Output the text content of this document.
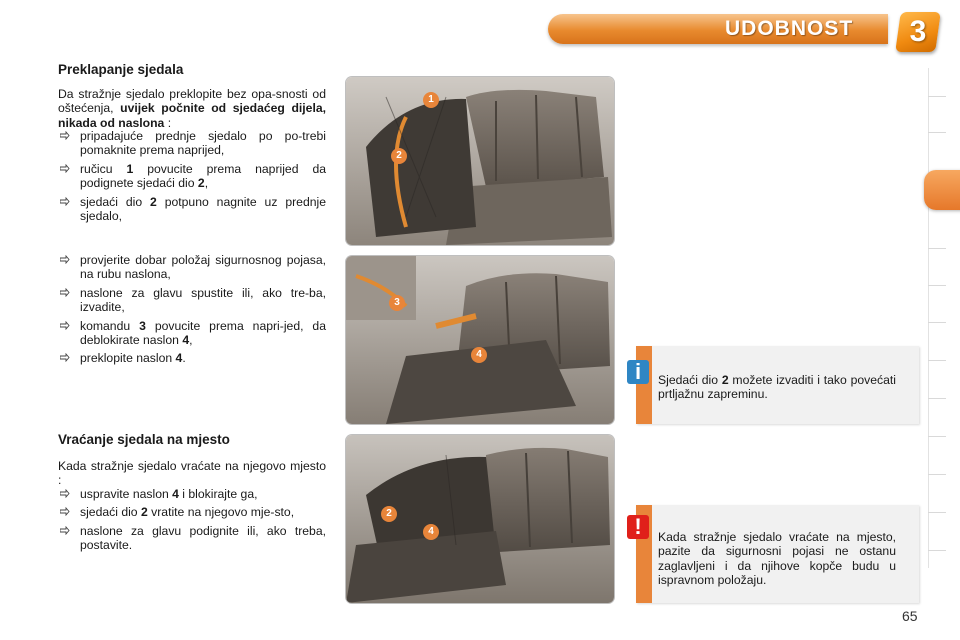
UDOBNOST	3
Preklapanje sjedala
Da stražnje sjedalo preklopite bez opa-snosti od oštećenja, uvijek počnite od sjedaćeg dijela, nikada od naslona :
pripadajuće prednje sjedalo po po-trebi pomaknite prema naprijed,
ručicu 1 povucite prema naprijed da podignete sjedaći dio 2,
sjedaći dio 2 potpuno nagnite uz prednje sjedalo,
provjerite dobar položaj sigurnosnog pojasa, na rubu naslona,
naslone za glavu spustite ili, ako tre-ba, izvadite,
komandu 3 povucite prema napri-jed, da deblokirate naslon 4,
preklopite naslon 4.
Vraćanje sjedala na mjesto
Kada stražnje sjedalo vraćate na njegovo mjesto :
uspravite naslon 4 i blokirajte ga,
sjedaći dio 2 vratite na njegovo mje-sto,
naslone za glavu podignite ili, ako treba, postavite.
1
2
3
4
2
4
i	Sjedaći dio 2 možete izvaditi i tako povećati prtljažnu zapreminu.
!	Kada stražnje sjedalo vraćate na mjesto, pazite da sigurnosni pojasi ne ostanu zaglavljeni i da njihove kopče budu u ispravnom položaju.
65
